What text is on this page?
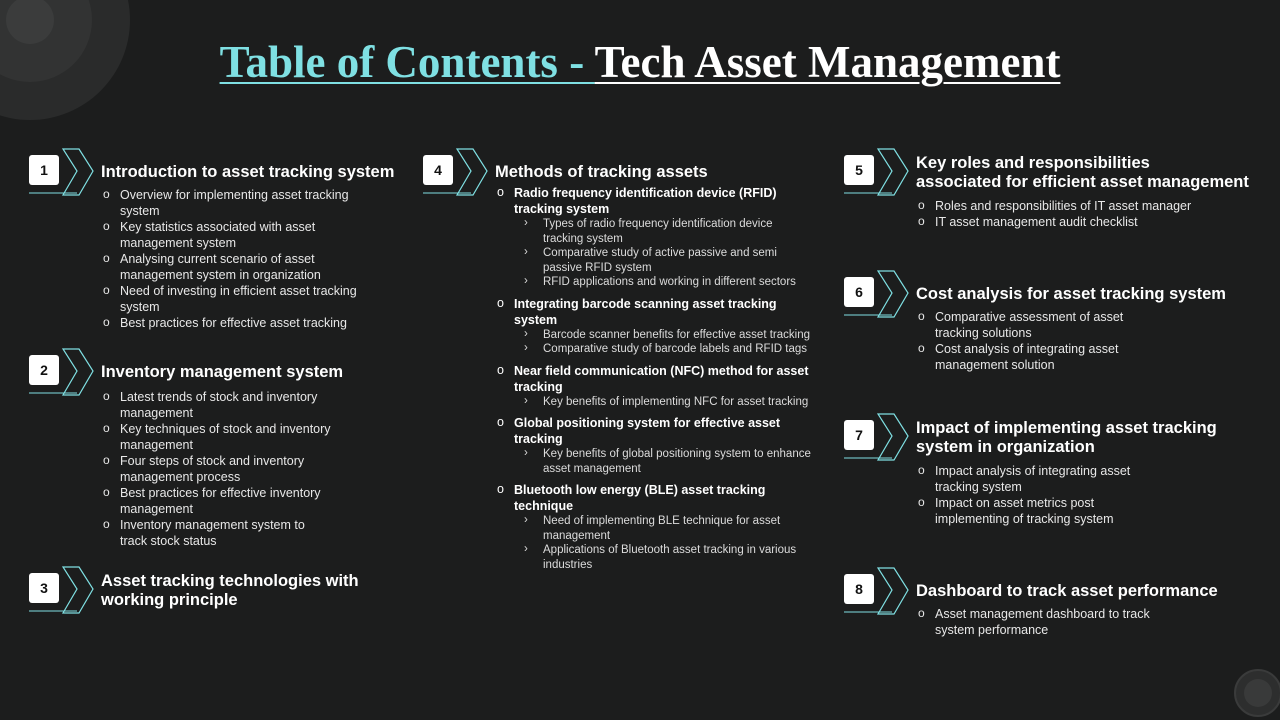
Table of Contents - Tech Asset Management
1	Introduction to asset tracking system
o Overview for implementing asset tracking system
o Key statistics associated with asset management system
o Analysing current scenario of asset management system in organization
o Need of investing in efficient asset tracking system
o Best practices for effective asset tracking
2	Inventory management system
o Latest trends of stock and inventory management
o Key techniques of stock and inventory management
o Four steps of stock and inventory management process
o Best practices for effective inventory management
o Inventory management system to track stock status
3	Asset tracking technologies with working principle
4	Methods of tracking assets
o Radio frequency identification device (RFID) tracking system
› Types of radio frequency identification device tracking system
› Comparative study of active passive and semi passive RFID system
› RFID applications and working in different sectors
o Integrating barcode scanning asset tracking system
› Barcode scanner benefits for effective asset tracking
› Comparative study of barcode labels and RFID tags
o Near field communication (NFC) method for asset tracking
› Key benefits of implementing NFC for asset tracking
o Global positioning system for effective asset tracking
› Key benefits of global positioning system to enhance asset management
o Bluetooth low energy (BLE) asset tracking technique
› Need of implementing BLE technique for asset management
› Applications of Bluetooth asset tracking in various industries
5	Key roles and responsibilities
associated for efficient asset management
o Roles and responsibilities of IT asset manager
o IT asset management audit checklist
6	Cost analysis for asset tracking system
o Comparative assessment of asset tracking solutions
o Cost analysis of integrating asset management solution
7	Impact of implementing asset tracking
system in organization
o Impact analysis of integrating asset tracking system
o Impact on asset metrics post implementing of tracking system
8	Dashboard to track asset performance
o Asset management dashboard to track system performance
